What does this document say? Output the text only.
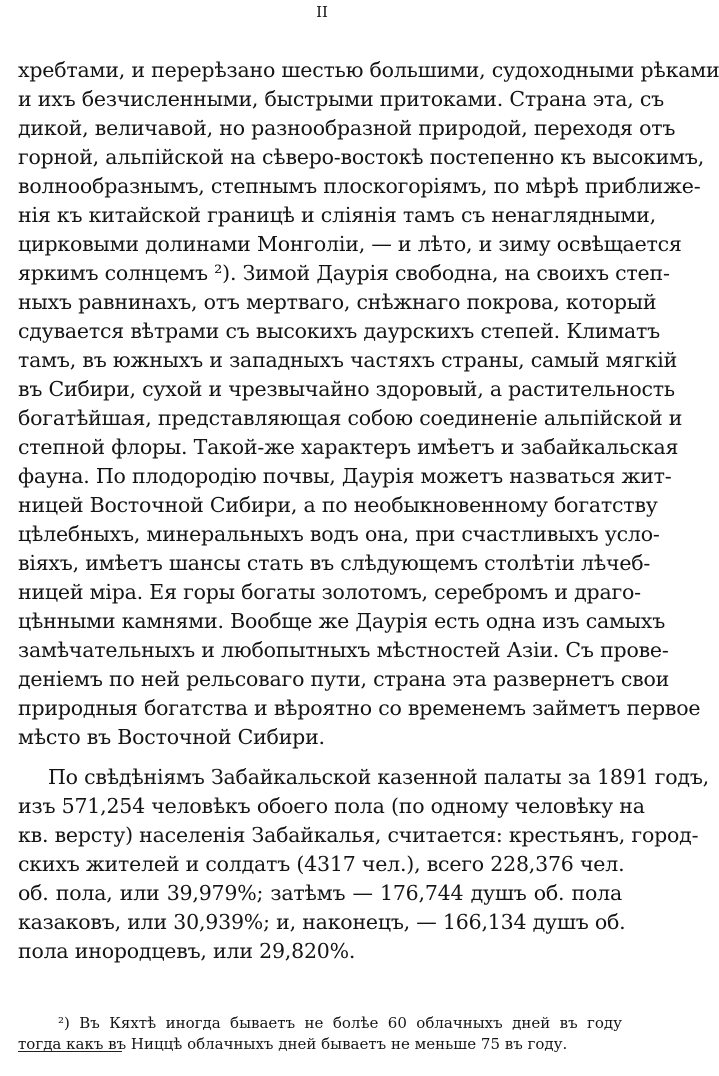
II
хребтами, и перерѣзано шестью большими, судоходными рѣками
и ихъ безчисленными, быстрыми притоками. Страна эта, съ
дикой, величавой, но разнообразной природой, переходя отъ
горной, альпійской на сѣверо-востокѣ постепенно къ высокимъ,
волнообразнымъ, степнымъ плоскогоріямъ, по мѣрѣ приближе-
нія къ китайской границѣ и сліянія тамъ съ ненаглядными,
цирковыми долинами Монголіи, — и лѣто, и зиму освѣщается
яркимъ солнцемъ ²). Зимой Даурія свободна, на своихъ степ-
ныхъ равнинахъ, отъ мертваго, снѣжнаго покрова, который
сдувается вѣтрами съ высокихъ даурскихъ степей. Климатъ
тамъ, въ южныхъ и западныхъ частяхъ страны, самый мягкій
въ Сибири, сухой и чрезвычайно здоровый, а растительность
богатѣйшая, представляющая собою соединеніе альпійской и
степной флоры. Такой-же характеръ имѣетъ и забайкальская
фауна. По плодородію почвы, Даурія можетъ назваться жит-
ницей Восточной Сибири, а по необыкновенному богатству
цѣлебныхъ, минеральныхъ водъ она, при счастливыхъ усло-
віяхъ, имѣетъ шансы стать въ слѣдующемъ столѣтіи лѣчеб-
ницей міра. Ея горы богаты золотомъ, серебромъ и драго-
цѣнными камнями. Вообще же Даурія есть одна изъ самыхъ
замѣчательныхъ и любопытныхъ мѣстностей Азіи. Съ прове-
деніемъ по ней рельсоваго пути, страна эта развернетъ свои
природныя богатства и вѣроятно со временемъ займетъ первое
мѣсто въ Восточной Сибири.
По свѣдѣніямъ Забайкальской казенной палаты за 1891 годъ,
изъ 571,254 человѣкъ обоего пола (по одному человѣку на
кв. версту) населенія Забайкалья, считается: крестьянъ, город-
скихъ жителей и солдатъ (4317 чел.), всего 228,376 чел.
об. пола, или 39,979%; затѣмъ — 176,744 душъ об. пола
казаковъ, или 30,939%; и, наконецъ, — 166,134 душъ об.
пола инородцевъ, или 29,820%.
²) Въ Кяхтѣ иногда бываетъ не болѣе 60 облачныхъ дней въ году
тогда какъ въ Ниццѣ облачныхъ дней бываетъ не меньше 75 въ году.
